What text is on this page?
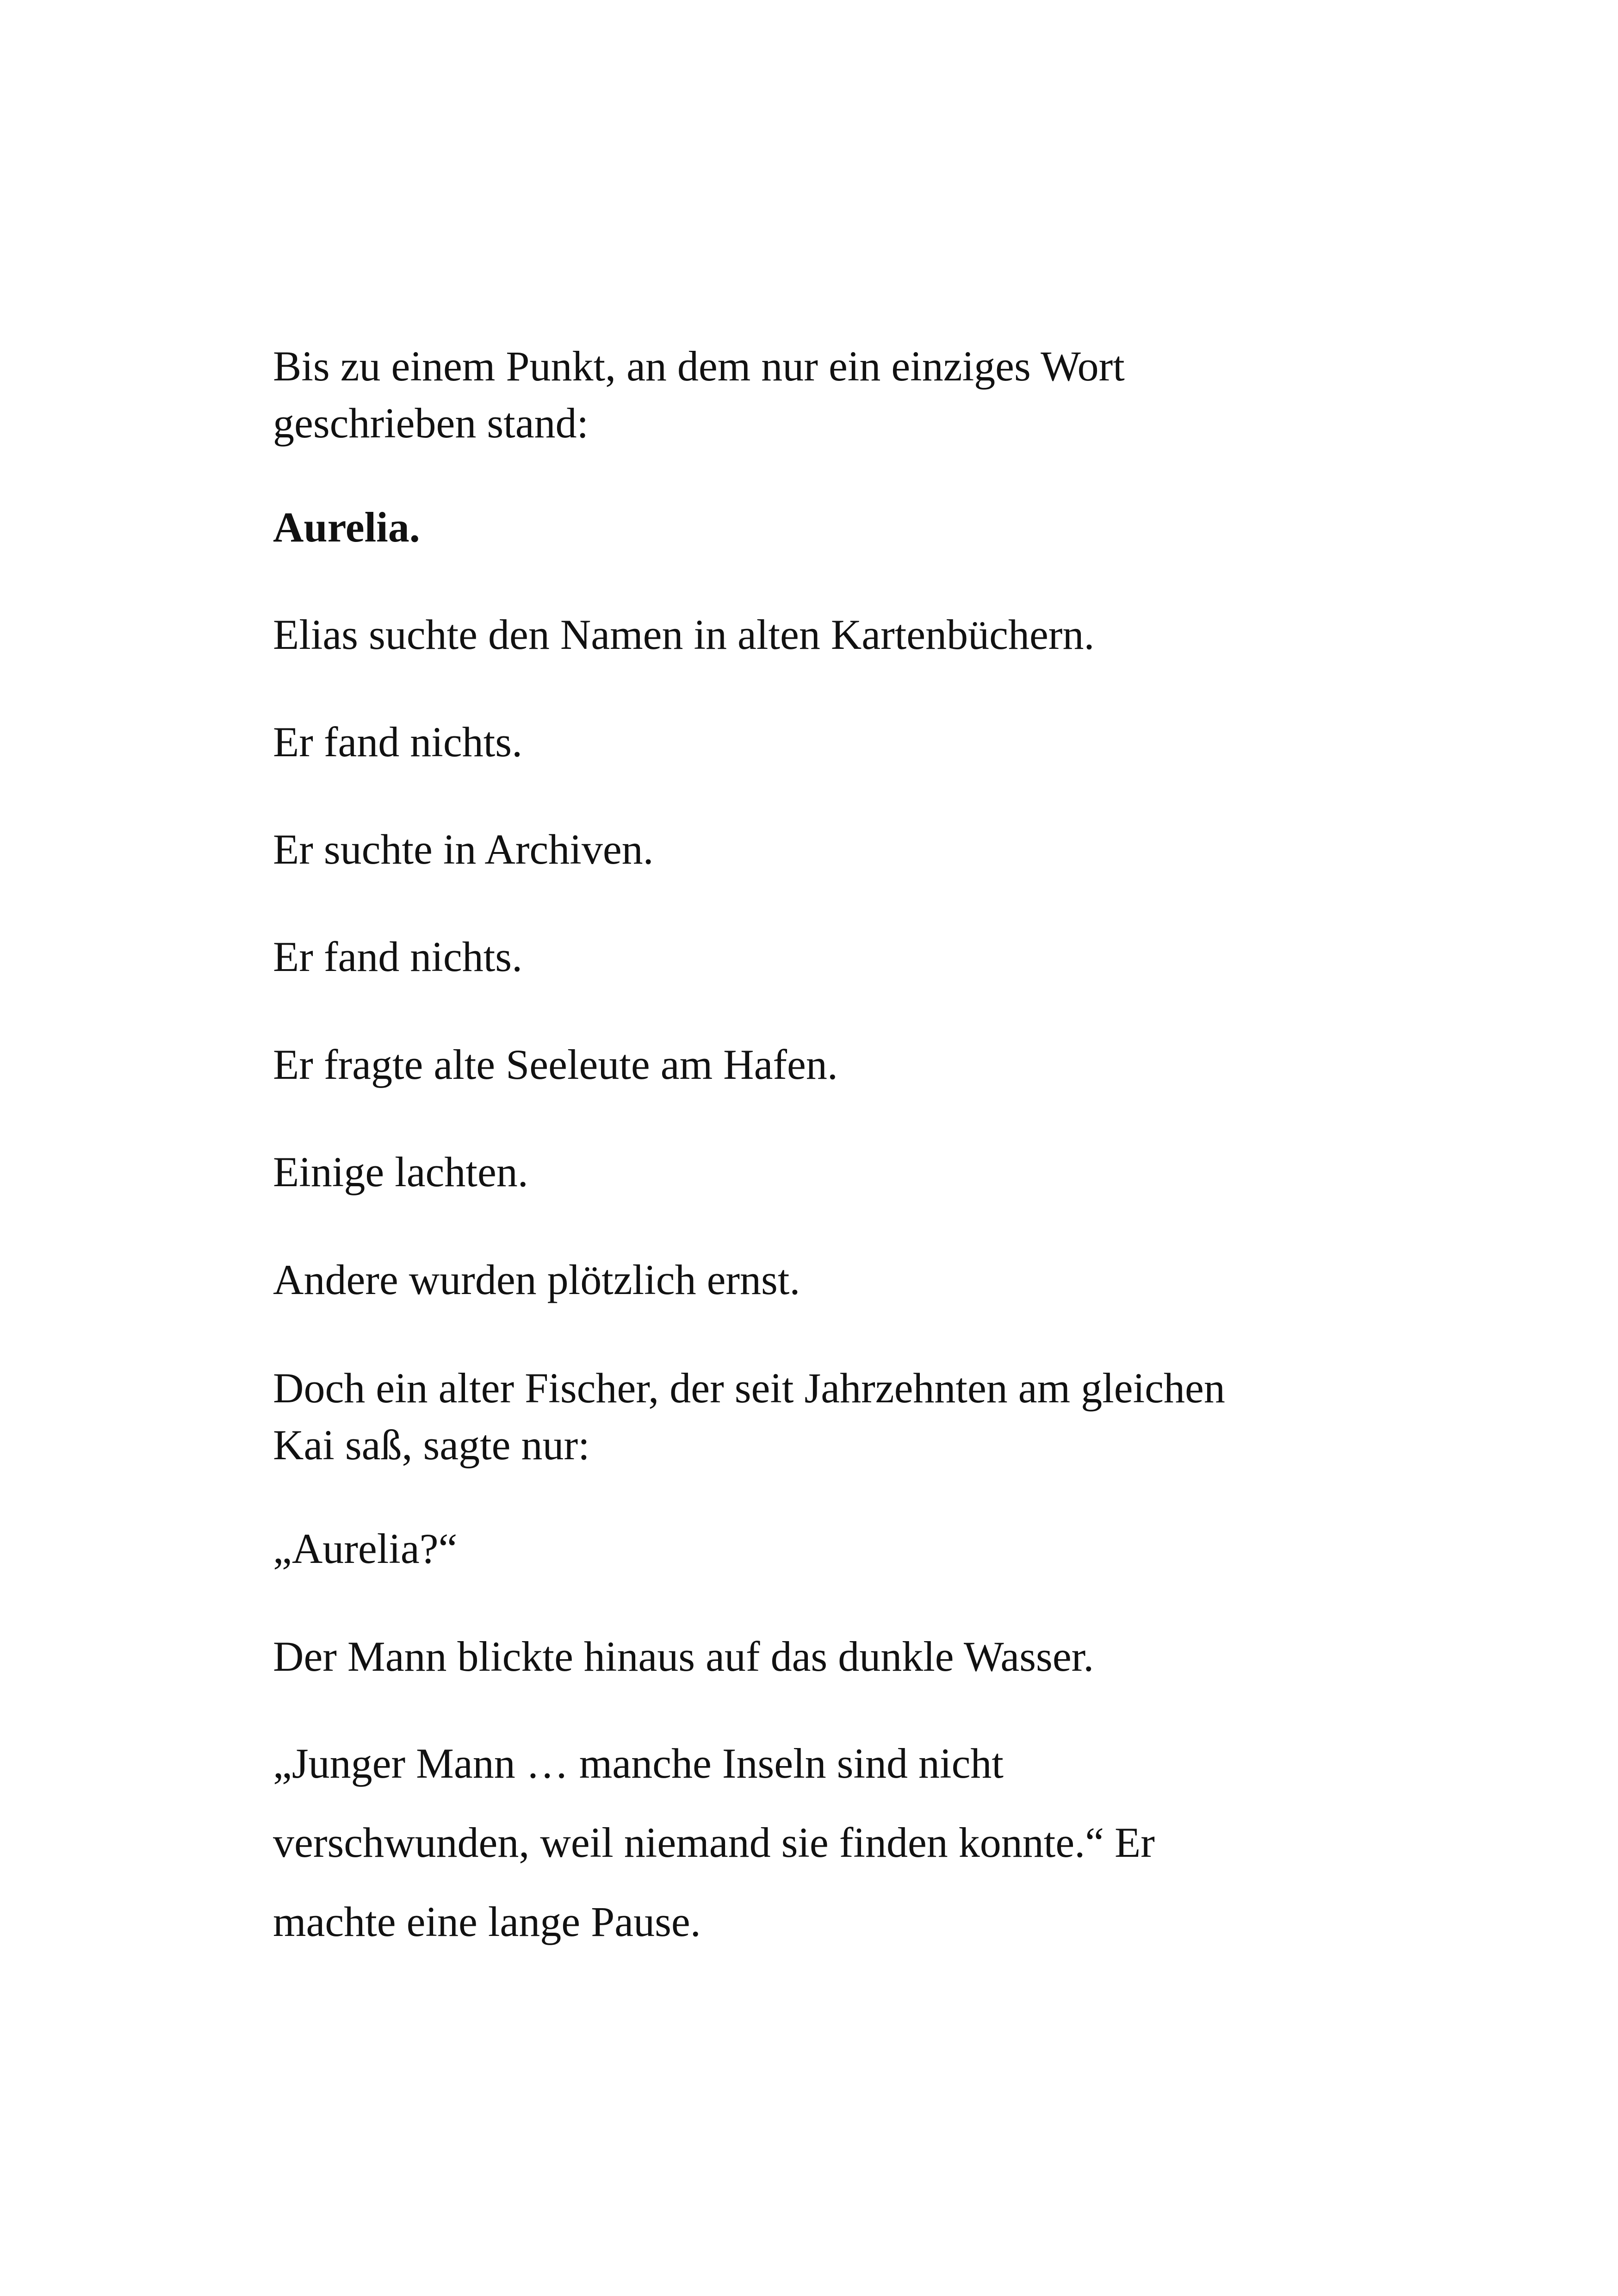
Bis zu einem Punkt, an dem nur ein einziges Wort
geschrieben stand:

Aurelia.

Elias suchte den Namen in alten Kartenbüchern.

Er fand nichts.

Er suchte in Archiven.

Er fand nichts.

Er fragte alte Seeleute am Hafen.

Einige lachten.

Andere wurden plötzlich ernst.

Doch ein alter Fischer, der seit Jahrzehnten am gleichen
Kai saß, sagte nur:

„Aurelia?“

Der Mann blickte hinaus auf das dunkle Wasser.

„Junger Mann … manche Inseln sind nicht
verschwunden, weil niemand sie finden konnte.“ Er
machte eine lange Pause.
